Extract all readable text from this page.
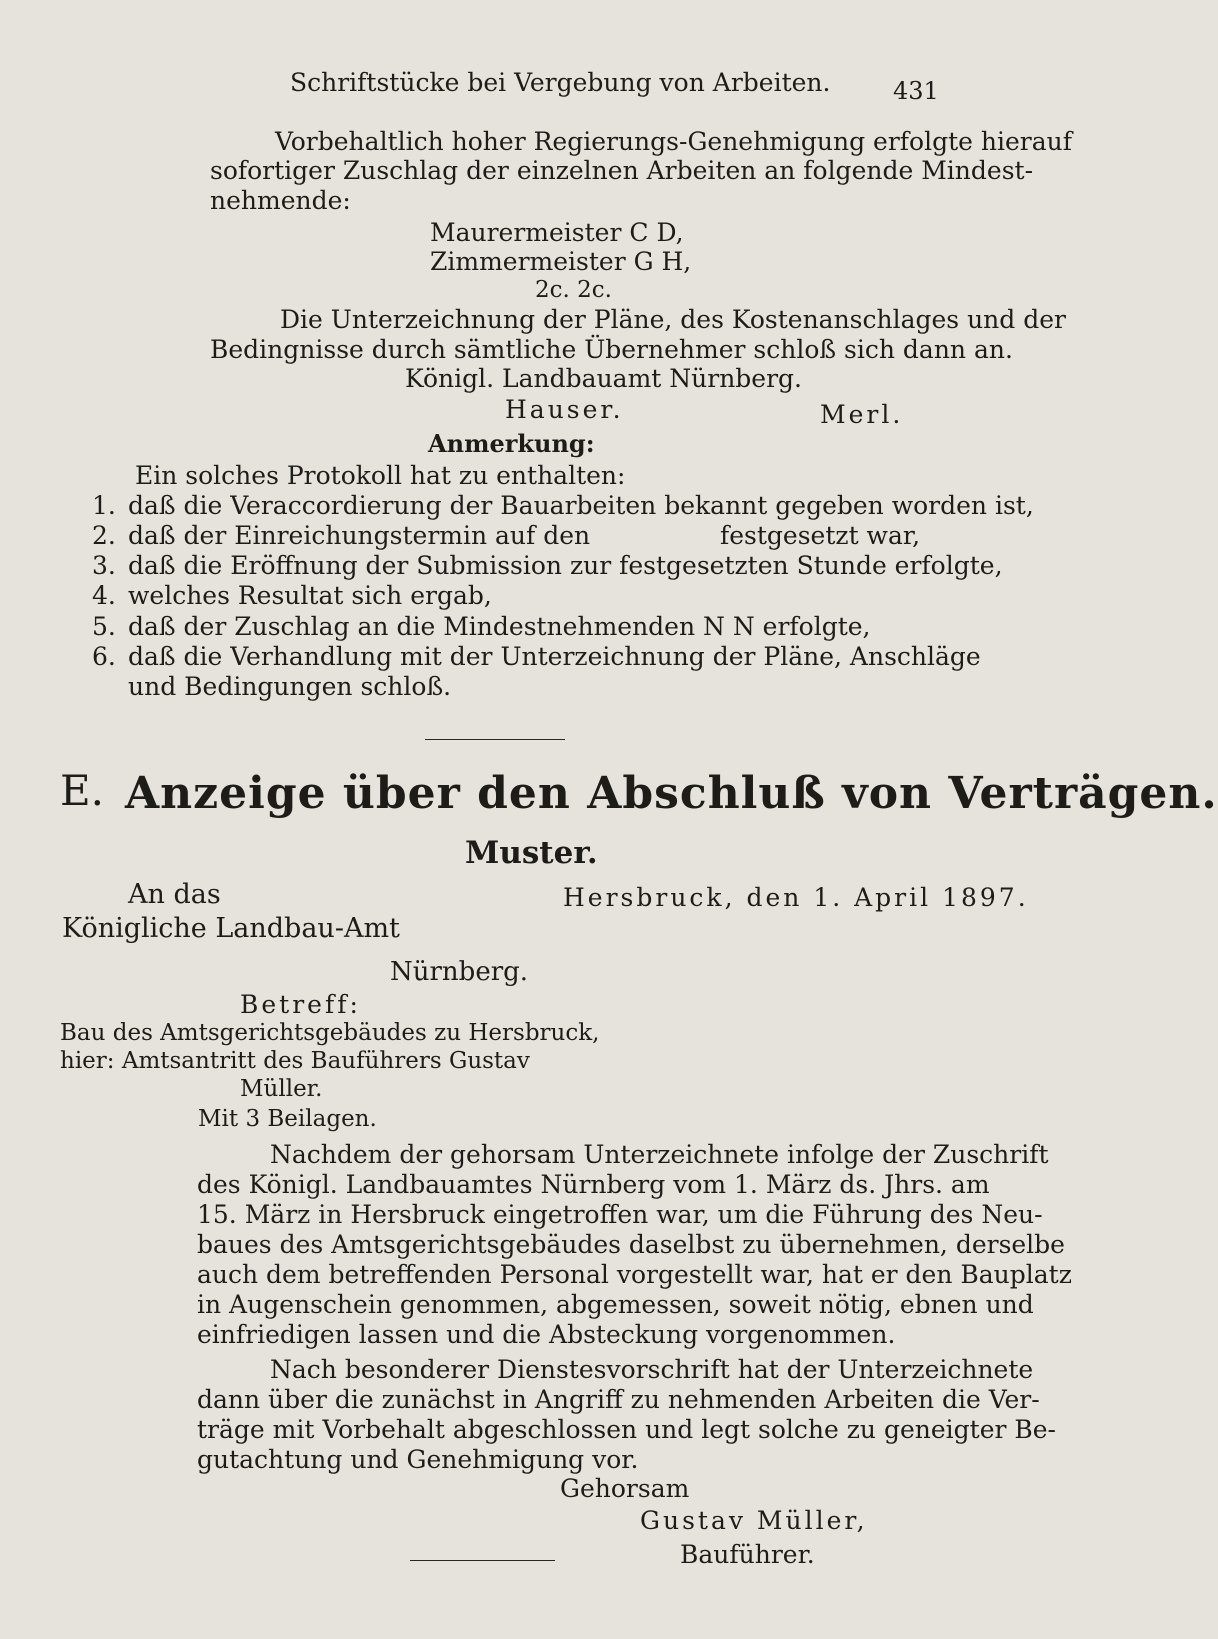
Schriftstücke bei Vergebung von Arbeiten.	431
Vorbehaltlich hoher Regierungs-Genehmigung erfolgte hierauf
sofortiger Zuschlag der einzelnen Arbeiten an folgende Mindest-
nehmende:
Maurermeister C D,
Zimmermeister G H,
2c. 2c.
Die Unterzeichnung der Pläne, des Kostenanschlages und der
Bedingnisse durch sämtliche Übernehmer schloß sich dann an.
Königl. Landbauamt Nürnberg.
Hauser.	Merl.
Anmerkung:
Ein solches Protokoll hat zu enthalten:
1. daß die Veraccordierung der Bauarbeiten bekannt gegeben worden ist,
2. daß der Einreichungstermin auf den	festgesetzt war,
3. daß die Eröffnung der Submission zur festgesetzten Stunde erfolgte,
4. welches Resultat sich ergab,
5. daß der Zuschlag an die Mindestnehmenden N N erfolgte,
6. daß die Verhandlung mit der Unterzeichnung der Pläne, Anschläge
und Bedingungen schloß.
E. Anzeige über den Abschluß von Verträgen.
Muster.
An das	Hersbruck, den 1. April 1897.
Königliche Landbau-Amt
Nürnberg.
Betreff:
Bau des Amtsgerichtsgebäudes zu Hersbruck,
hier: Amtsantritt des Bauführers Gustav
Müller.
Mit 3 Beilagen.
Nachdem der gehorsam Unterzeichnete infolge der Zuschrift
des Königl. Landbauamtes Nürnberg vom 1. März ds. Jhrs. am
15. März in Hersbruck eingetroffen war, um die Führung des Neu-
baues des Amtsgerichtsgebäudes daselbst zu übernehmen, derselbe
auch dem betreffenden Personal vorgestellt war, hat er den Bauplatz
in Augenschein genommen, abgemessen, soweit nötig, ebnen und
einfriedigen lassen und die Absteckung vorgenommen.
Nach besonderer Dienstesvorschrift hat der Unterzeichnete
dann über die zunächst in Angriff zu nehmenden Arbeiten die Ver-
träge mit Vorbehalt abgeschlossen und legt solche zu geneigter Be-
gutachtung und Genehmigung vor.
Gehorsam
Gustav Müller,
Bauführer.
